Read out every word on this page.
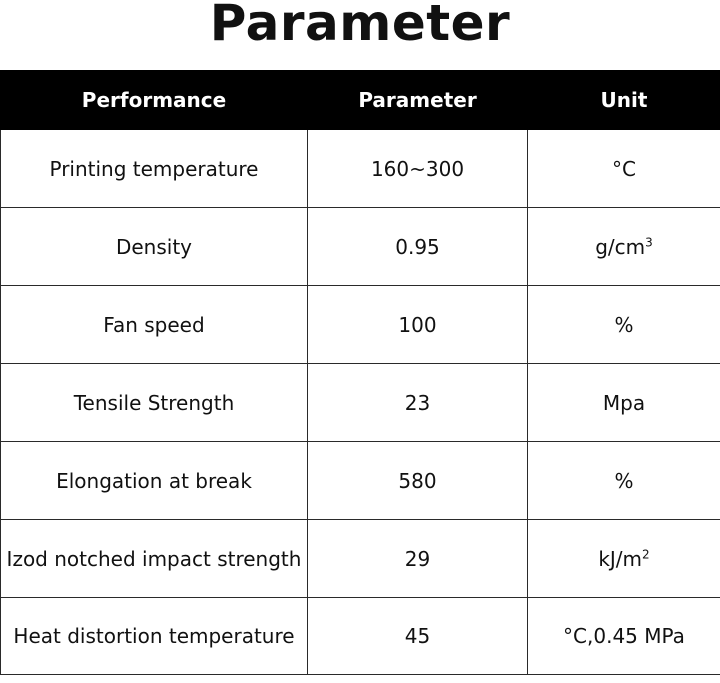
Parameter
Performance	Parameter	Unit
Printing temperature	160~300	°C
Density	0.95	$g/cm^3$
Fan speed	100	%
Tensile Strength	23	Mpa
Elongation at break	580	%
Izod notched impact strength	29	$kJ/m^2$
Heat distortion temperature	45	°C,0.45 MPa
